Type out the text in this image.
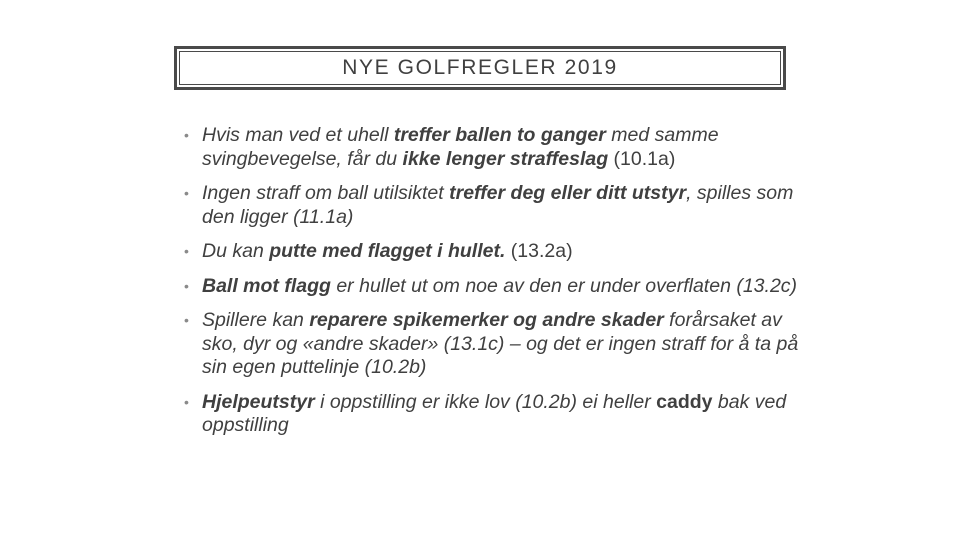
NYE GOLFREGLER 2019
• Hvis man ved et uhell treffer ballen to ganger med samme svingbevegelse, får du ikke lenger straffeslag (10.1a)
• Ingen straff om ball utilsiktet treffer deg eller ditt utstyr, spilles som den ligger (11.1a)
• Du kan putte med flagget i hullet. (13.2a)
• Ball mot flagg er hullet ut om noe av den er under overflaten (13.2c)
• Spillere kan reparere spikemerker og andre skader forårsaket av sko, dyr og «andre skader» (13.1c) – og det er ingen straff for å ta på sin egen puttelinje (10.2b)
• Hjelpeutstyr i oppstilling er ikke lov (10.2b) ei heller caddy bak ved oppstilling
